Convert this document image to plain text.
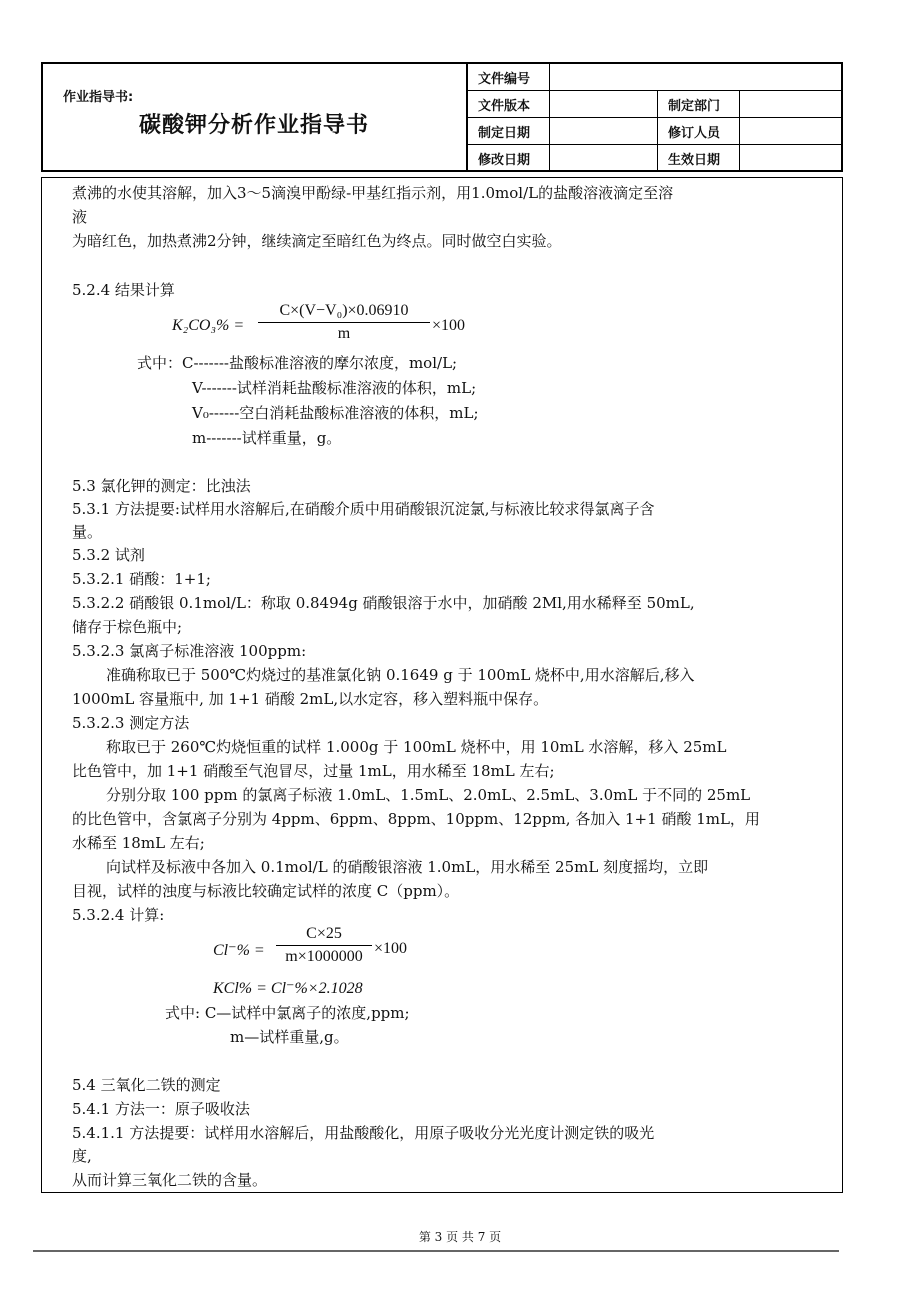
作业指导书:
碳酸钾分析作业指导书
文件编号			
文件版本		制定部门	
制定日期		修订人员	
修改日期		生效日期	
煮沸的水使其溶解，加入3～5滴溴甲酚绿-甲基红指示剂，用1.0mol/L的盐酸溶液滴定至溶
液
为暗红色，加热煮沸2分钟，继续滴定至暗红色为终点。同时做空白实验。
5.2.4 结果计算
$K_2CO_3\% = \frac{\text{C×(V−V₀)×0.06910}}{m} \times 100$
式中：C-------盐酸标准溶液的摩尔浓度，mol/L;
V-------试样消耗盐酸标准溶液的体积，mL;
V₀------空白消耗盐酸标准溶液的体积，mL;
m-------试样重量，g。
5.3 氯化钾的测定：比浊法
5.3.1 方法提要:试样用水溶解后,在硝酸介质中用硝酸银沉淀氯,与标液比较求得氯离子含
量。
5.3.2 试剂
5.3.2.1 硝酸：1+1;
5.3.2.2 硝酸银 0.1mol/L：称取 0.8494g 硝酸银溶于水中，加硝酸 2Ml,用水稀释至 50mL,
储存于棕色瓶中;
5.3.2.3 氯离子标准溶液 100ppm:
准确称取已于 500℃灼烧过的基准氯化钠 0.1649 g 于 100mL 烧杯中,用水溶解后,移入
1000mL 容量瓶中, 加 1+1 硝酸 2mL,以水定容，移入塑料瓶中保存。
5.3.2.3 测定方法
称取已于 260℃灼烧恒重的试样 1.000g 于 100mL 烧杯中，用 10mL 水溶解，移入 25mL
比色管中，加 1+1 硝酸至气泡冒尽，过量 1mL，用水稀至 18mL 左右;
分别分取 100 ppm 的氯离子标液 1.0mL、1.5mL、2.0mL、2.5mL、3.0mL 于不同的 25mL
的比色管中，含氯离子分别为 4ppm、6ppm、8ppm、10ppm、12ppm, 各加入 1+1 硝酸 1mL，用
水稀至 18mL 左右;
向试样及标液中各加入 0.1mol/L 的硝酸银溶液 1.0mL，用水稀至 25mL 刻度摇均，立即
目视，试样的浊度与标液比较确定试样的浓度 C（ppm）。
5.3.2.4 计算:
$Cl^-\% = \frac{C\times 25}{m\times 1000000} \times 100$
KCl% = Cl⁻%×2.1028
式中: C—试样中氯离子的浓度,ppm;
m—试样重量,g。
5.4 三氧化二铁的测定
5.4.1 方法一：原子吸收法
5.4.1.1 方法提要：试样用水溶解后，用盐酸酸化，用原子吸收分光光度计测定铁的吸光
度,
从而计算三氧化二铁的含量。
第 3 页 共 7 页
